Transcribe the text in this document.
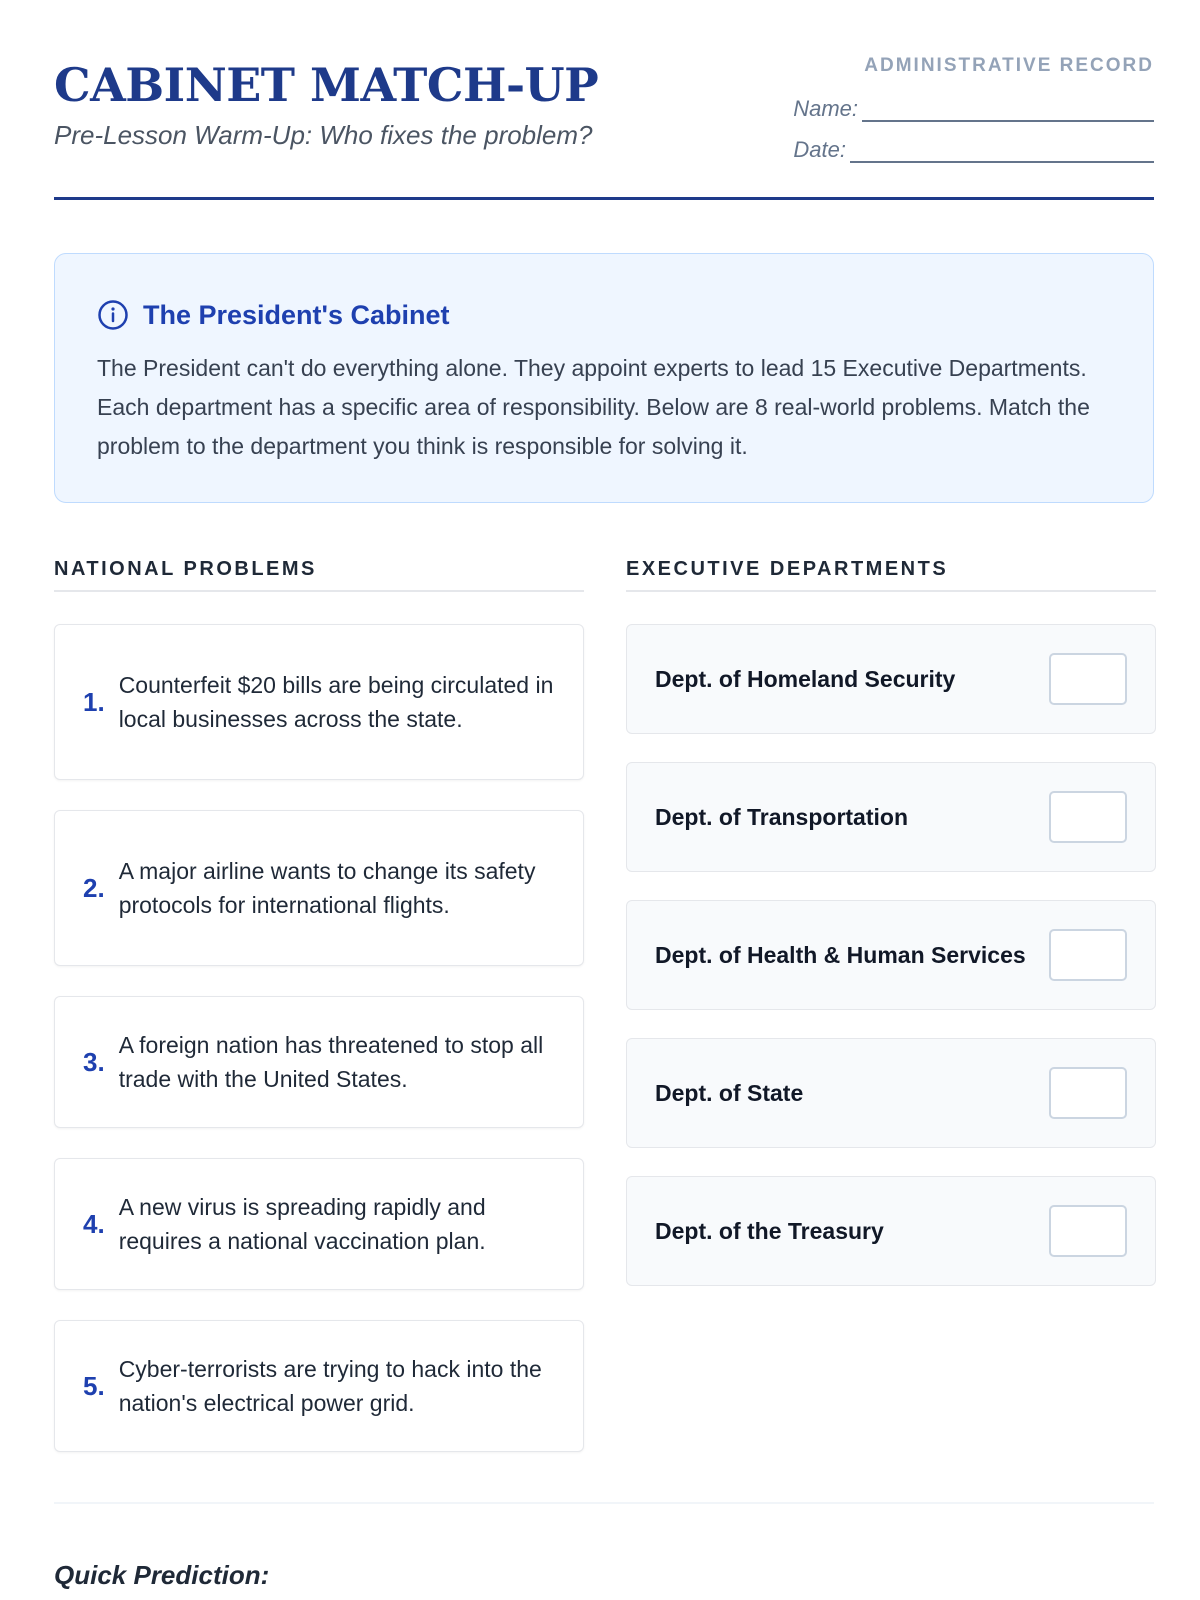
CABINET MATCH-UP
Pre-Lesson Warm-Up: Who fixes the problem?
ADMINISTRATIVE RECORD
Name:
Date:
The President's Cabinet
The President can't do everything alone. They appoint experts to lead 15 Executive Departments. Each department has a specific area of responsibility. Below are 8 real-world problems. Match the problem to the department you think is responsible for solving it.
NATIONAL PROBLEMS	EXECUTIVE DEPARTMENTS
1.
Counterfeit $20 bills are being circulated in local businesses across the state.
2.
A major airline wants to change its safety protocols for international flights.
3.
A foreign nation has threatened to stop all trade with the United States.
4.
A new virus is spreading rapidly and requires a national vaccination plan.
5.
Cyber-terrorists are trying to hack into the nation's electrical power grid.
Dept. of Homeland Security
Dept. of Transportation
Dept. of Health & Human Services
Dept. of State
Dept. of the Treasury
Quick Prediction:
